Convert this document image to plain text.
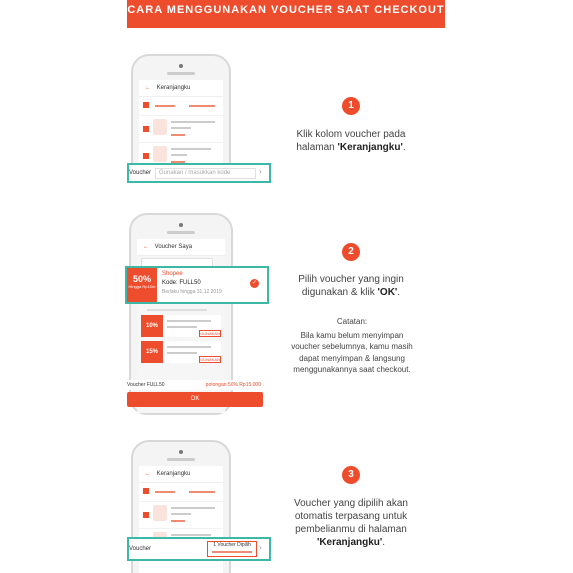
CARA MENGGUNAKAN VOUCHER SAAT CHECKOUT
← Keranjangku
Voucher	Gunakan / masukkan kode	›
1
Klik kolom voucher pada
halaman 'Keranjangku'.
← Voucher Saya
10%
GUNAKAN
15%
GUNAKAN
50%
Hingga Rp15rb
Shopee
Kode: FULL50
Berlaku hingga 31.12.2019
✓
Voucher FULL50	potongan 50% Rp15.000
OK
2
Pilih voucher yang ingin
digunakan & klik 'OK'.
Catatan:
Bila kamu belum menyimpan
voucher sebelumnya, kamu masih
dapat menyimpan & langsung
menggunakannya saat checkout.
← Keranjangku
Voucher
1 Voucher Dipilih	›
3
Voucher yang dipilih akan
otomatis terpasang untuk
pembelianmu di halaman
'Keranjangku'.
